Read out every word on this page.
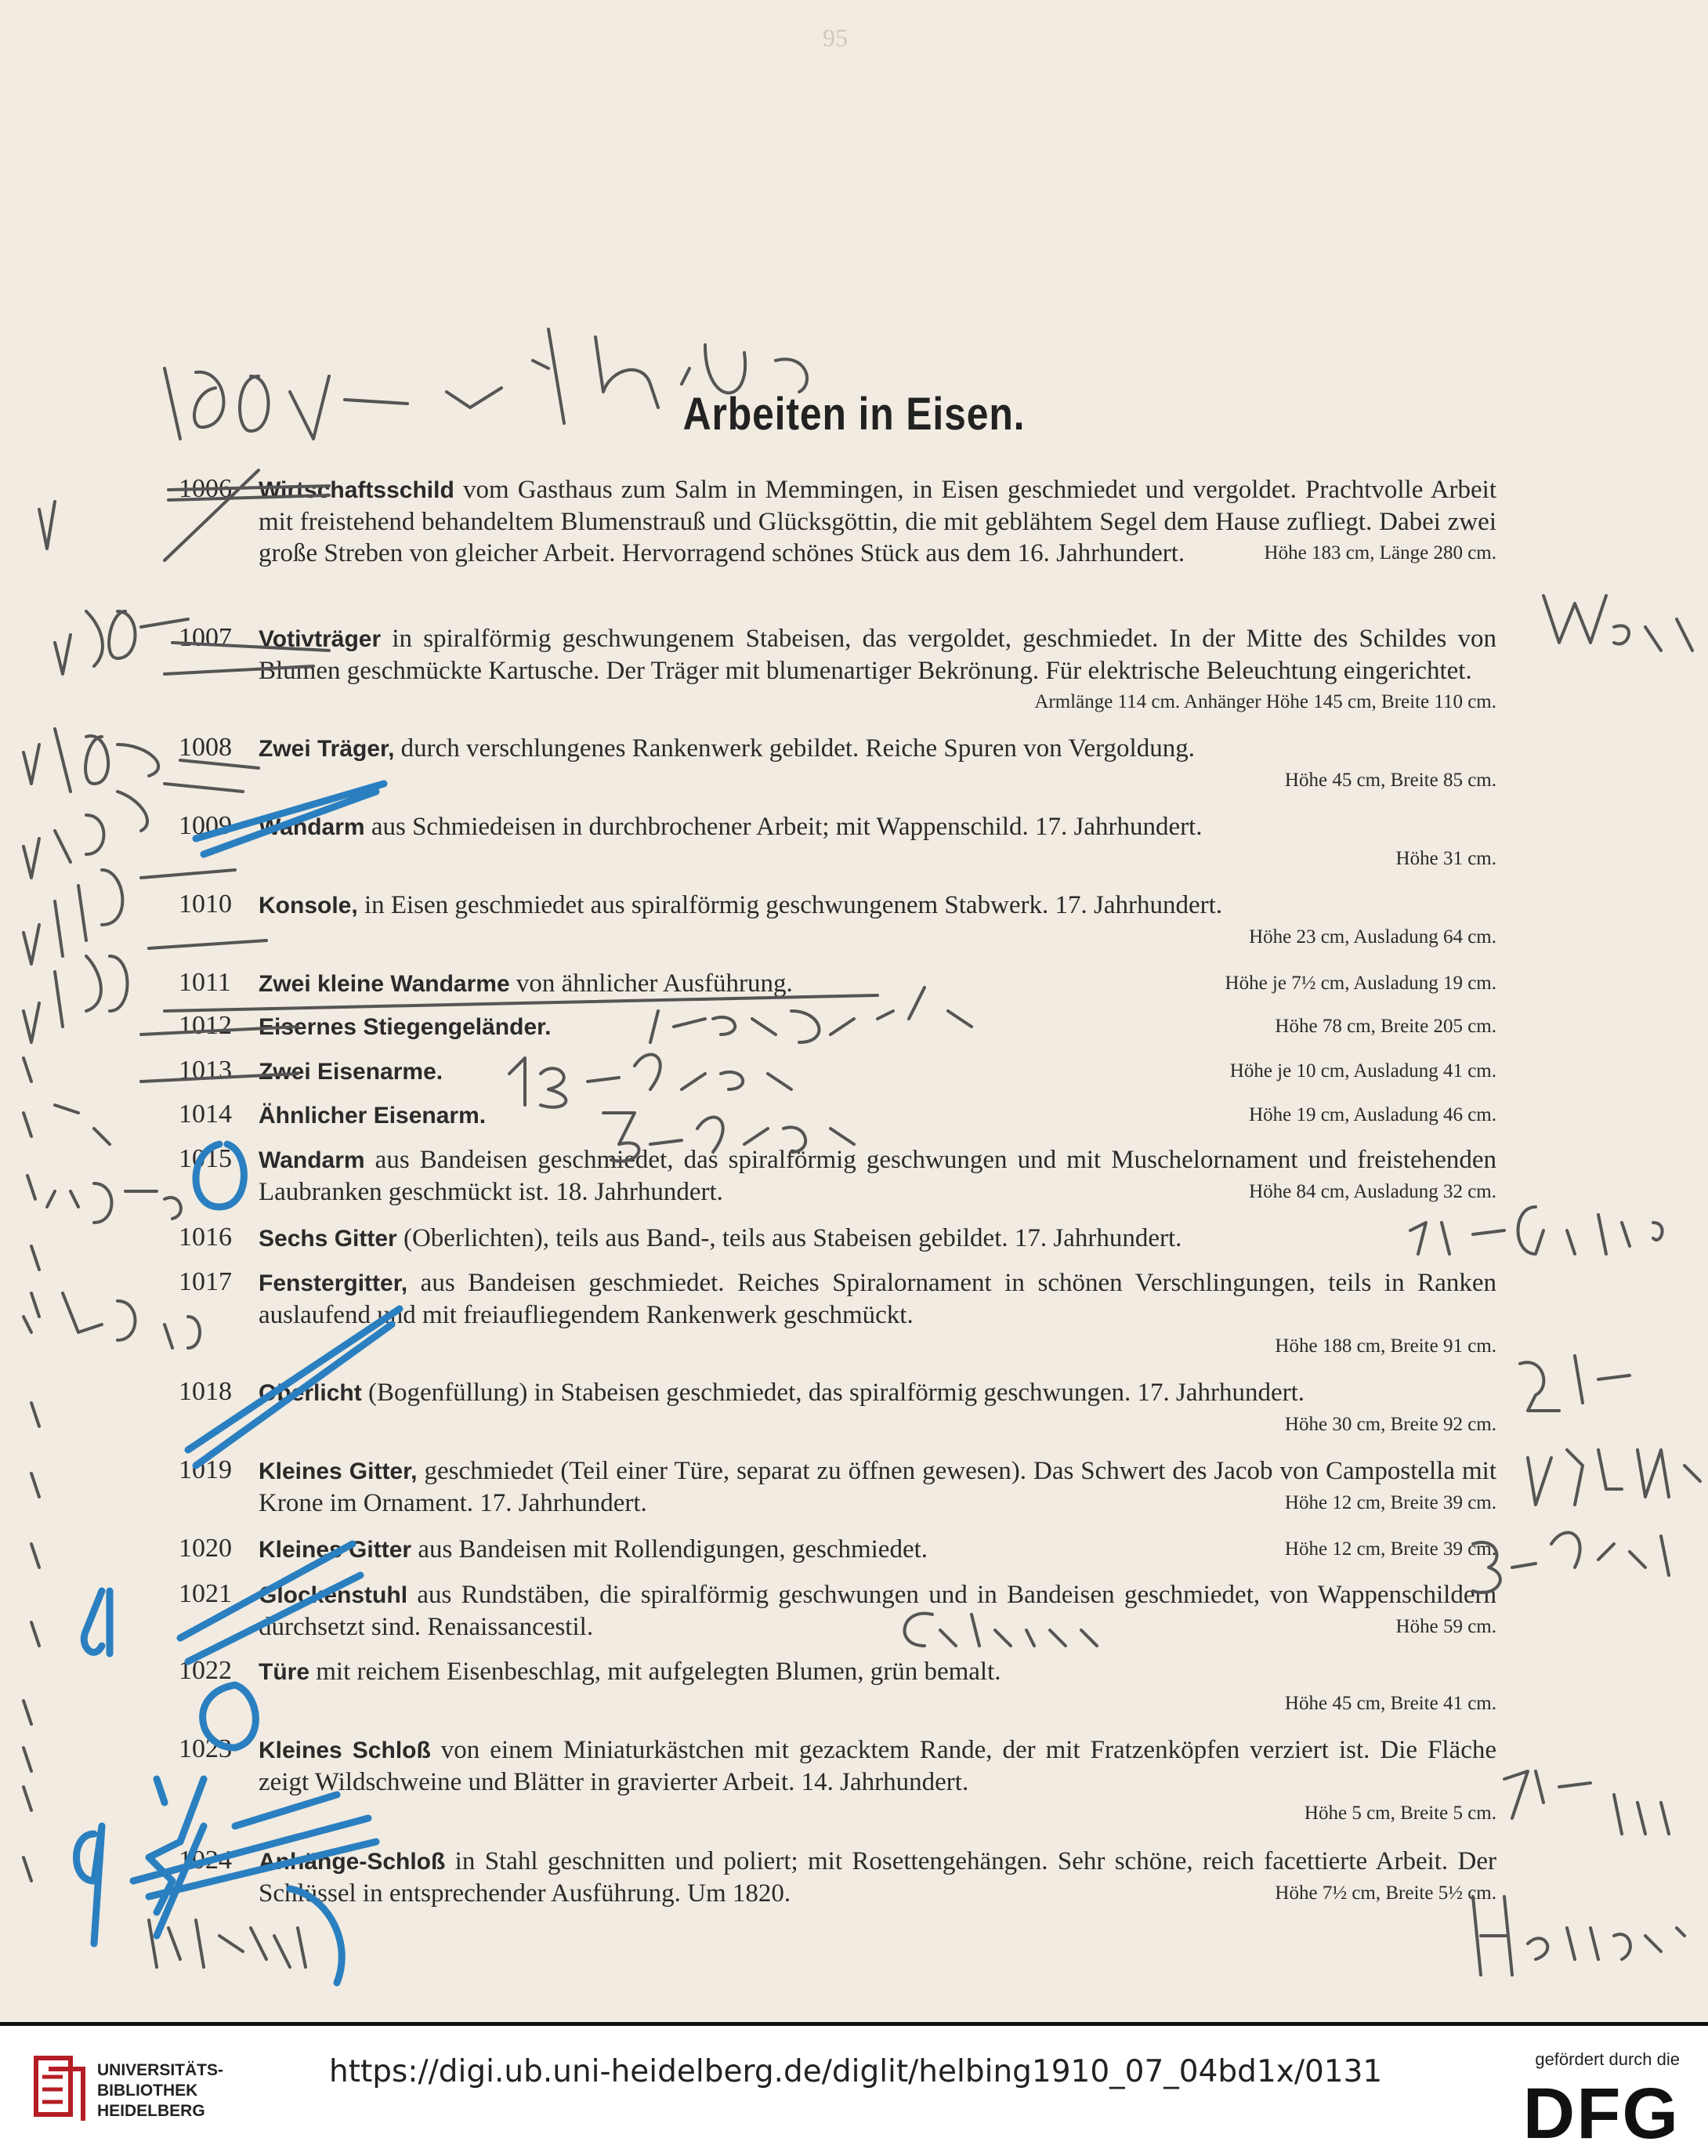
95
Arbeiten in Eisen.
1006 Wirtschaftsschild vom Gasthaus zum Salm in Memmingen, in Eisen geschmiedet und vergoldet. Prachtvolle Arbeit mit freistehend behandeltem Blumenstrauß und Glücksgöttin, die mit geblähtem Segel dem Hause zufliegt. Dabei zwei große Streben von gleicher Arbeit. Hervorragend schönes Stück aus dem 16. Jahrhundert.	Höhe 183 cm, Länge 280 cm.
1007 Votivträger in spiralförmig geschwungenem Stabeisen, das vergoldet, geschmiedet. In der Mitte des Schildes von Blumen geschmückte Kartusche. Der Träger mit blumenartiger Bekrönung. Für elektrische Beleuchtung eingerichtet.
Armlänge 114 cm. Anhänger Höhe 145 cm, Breite 110 cm.
1008 Zwei Träger, durch verschlungenes Rankenwerk gebildet. Reiche Spuren von Vergoldung.
Höhe 45 cm, Breite 85 cm.
1009 Wandarm aus Schmiedeisen in durchbrochener Arbeit; mit Wappenschild. 17. Jahrhundert.
Höhe 31 cm.
1010 Konsole, in Eisen geschmiedet aus spiralförmig geschwungenem Stabwerk. 17. Jahrhundert.
Höhe 23 cm, Ausladung 64 cm.
1011 Zwei kleine Wandarme von ähnlicher Ausführung.	Höhe je 7½ cm, Ausladung 19 cm.
1012 Eisernes Stiegengeländer.	Höhe 78 cm, Breite 205 cm.
1013 Zwei Eisenarme.	Höhe je 10 cm, Ausladung 41 cm.
1014 Ähnlicher Eisenarm.	Höhe 19 cm, Ausladung 46 cm.
1015 Wandarm aus Bandeisen geschmiedet, das spiralförmig geschwungen und mit Muschelornament und freistehenden Laubranken geschmückt ist. 18. Jahrhundert.	Höhe 84 cm, Ausladung 32 cm.
1016 Sechs Gitter (Oberlichten), teils aus Band-, teils aus Stabeisen gebildet. 17. Jahrhundert.
1017 Fenstergitter, aus Bandeisen geschmiedet. Reiches Spiralornament in schönen Verschlingungen, teils in Ranken auslaufend und mit freiaufliegendem Rankenwerk geschmückt.
Höhe 188 cm, Breite 91 cm.
1018 Oberlicht (Bogenfüllung) in Stabeisen geschmiedet, das spiralförmig geschwungen. 17. Jahrhundert.
Höhe 30 cm, Breite 92 cm.
1019 Kleines Gitter, geschmiedet (Teil einer Türe, separat zu öffnen gewesen). Das Schwert des Jacob von Campostella mit Krone im Ornament. 17. Jahrhundert.	Höhe 12 cm, Breite 39 cm.
1020 Kleines Gitter aus Bandeisen mit Rollendigungen, geschmiedet.	Höhe 12 cm, Breite 39 cm.
1021 Glockenstuhl aus Rundstäben, die spiralförmig geschwungen und in Bandeisen geschmiedet, von Wappenschildern durchsetzt sind. Renaissancestil.	Höhe 59 cm.
1022 Türe mit reichem Eisenbeschlag, mit aufgelegten Blumen, grün bemalt.
Höhe 45 cm, Breite 41 cm.
1023 Kleines Schloß von einem Miniaturkästchen mit gezacktem Rande, der mit Fratzenköpfen verziert ist. Die Fläche zeigt Wildschweine und Blätter in gravierter Arbeit. 14. Jahrhundert.
Höhe 5 cm, Breite 5 cm.
1024 Anhänge-Schloß in Stahl geschnitten und poliert; mit Rosettengehängen. Sehr schöne, reich facettierte Arbeit. Der Schlüssel in entsprechender Ausführung. Um 1820.	Höhe 7½ cm, Breite 5½ cm.
UNIVERSITÄTS-
BIBLIOTHEK
HEIDELBERG
https://digi.ub.uni-heidelberg.de/diglit/helbing1910_07_04bd1x/0131	gefördert durch die
DFG
